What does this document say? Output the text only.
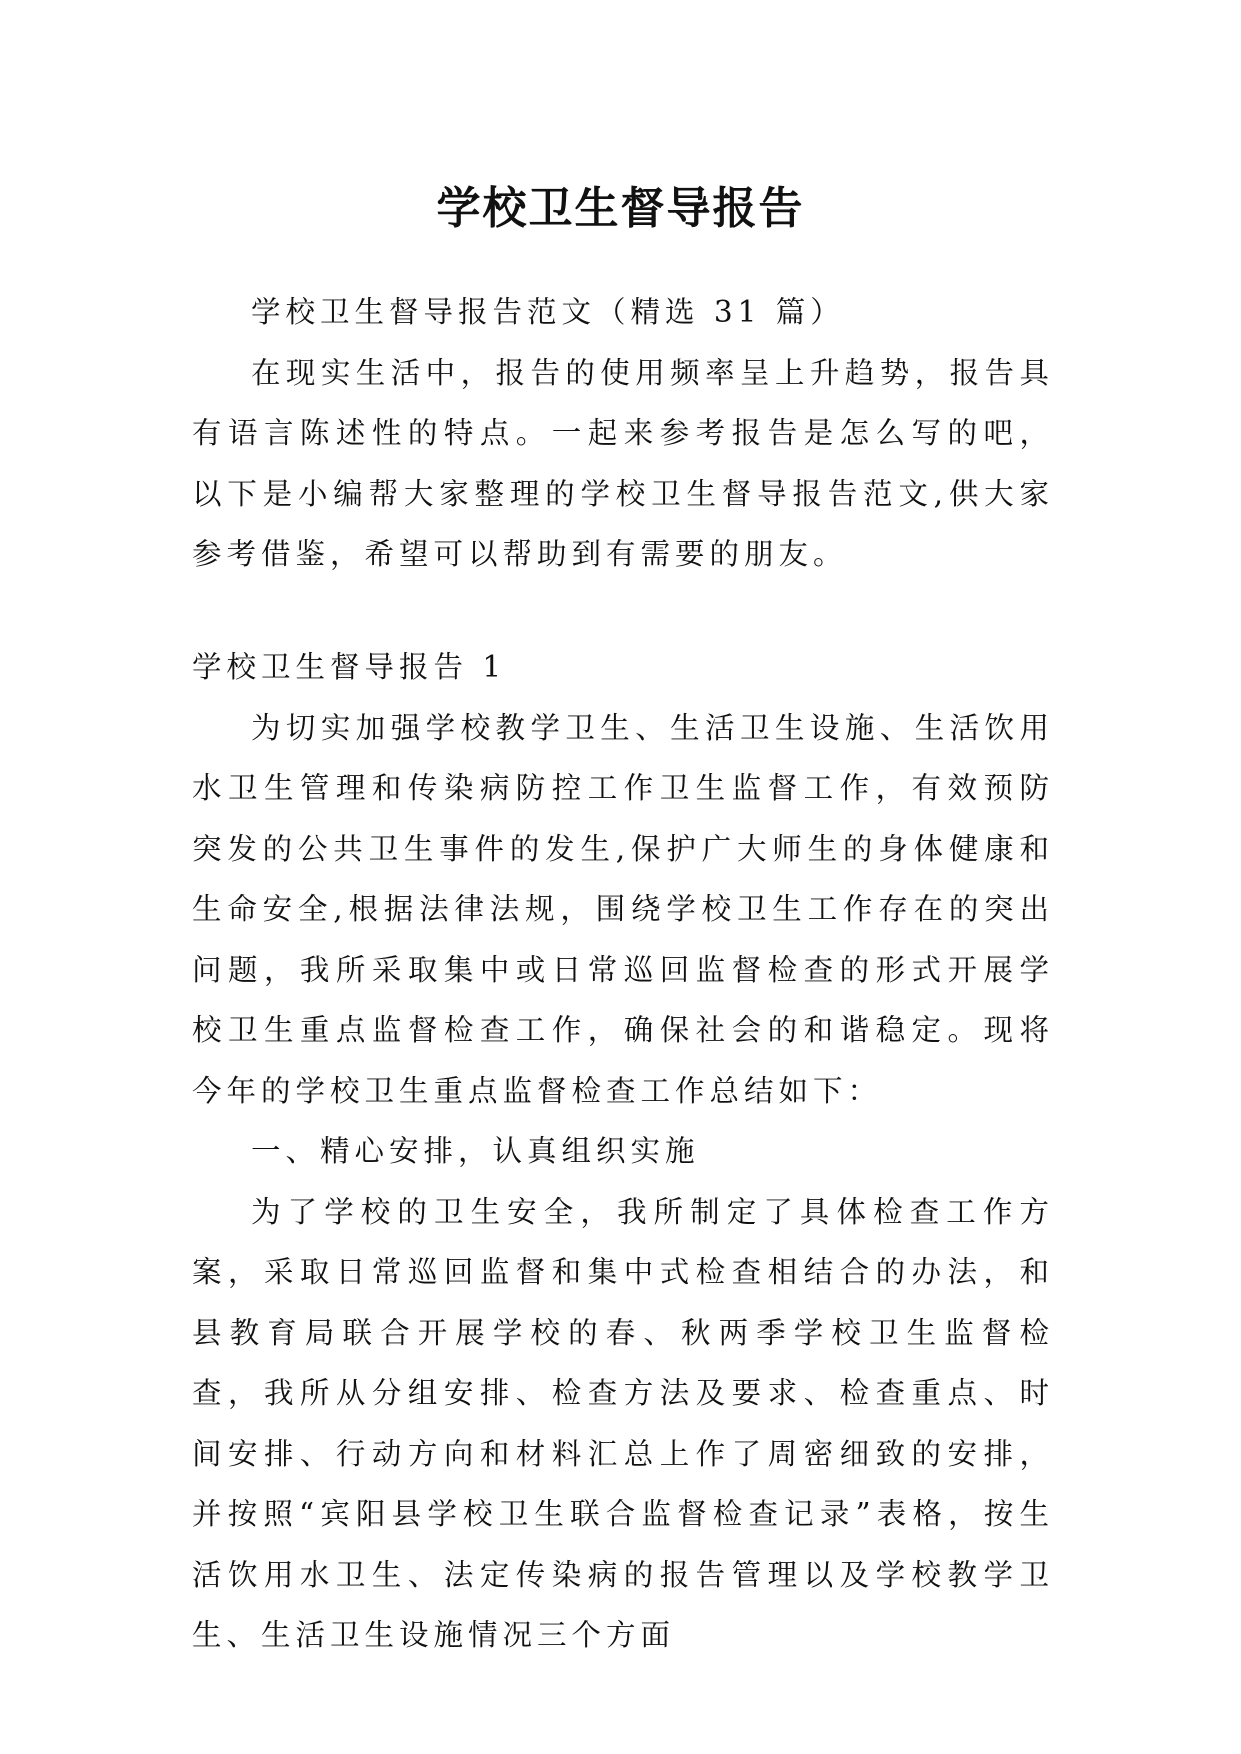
学校卫生督导报告

学校卫生督导报告范文（精选 31 篇）

在现实生活中，报告的使用频率呈上升趋势，报告具有语言陈述性的特点。一起来参考报告是怎么写的吧，以下是小编帮大家整理的学校卫生督导报告范文,供大家参考借鉴，希望可以帮助到有需要的朋友。

学校卫生督导报告 1

为切实加强学校教学卫生、生活卫生设施、生活饮用水卫生管理和传染病防控工作卫生监督工作，有效预防突发的公共卫生事件的发生,保护广大师生的身体健康和生命安全,根据法律法规，围绕学校卫生工作存在的突出问题，我所采取集中或日常巡回监督检查的形式开展学校卫生重点监督检查工作，确保社会的和谐稳定。现将今年的学校卫生重点监督检查工作总结如下：

一、精心安排，认真组织实施

为了学校的卫生安全，我所制定了具体检查工作方案，采取日常巡回监督和集中式检查相结合的办法，和县教育局联合开展学校的春、秋两季学校卫生监督检查，我所从分组安排、检查方法及要求、检查重点、时间安排、行动方向和材料汇总上作了周密细致的安排，并按照“宾阳县学校卫生联合监督检查记录”表格，按生活饮用水卫生、法定传染病的报告管理以及学校教学卫生、生活卫生设施情况三个方面
